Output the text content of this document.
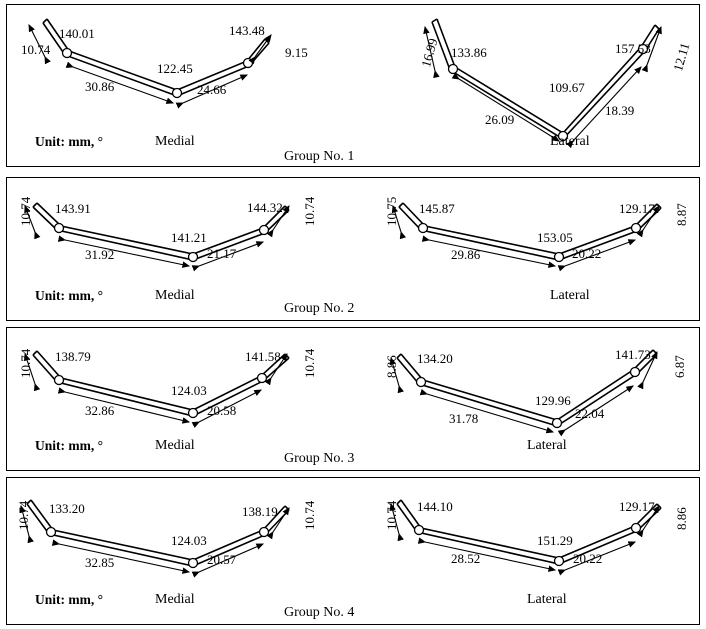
10.74
140.01
30.86
122.45
24.66
143.48
9.15	16.99 133.86
26.09
109.67
18.39
157.53 12.11
Unit: mm, °	Medial	Lateral
Group No. 1
10.74 143.91
31.92
141.21
21.17
144.32 10.74	10.75 145.87
29.86
153.05
20.22
129.17 8.87
Unit: mm, °	Medial	Lateral
Group No. 2
10.74 138.79
32.86
124.03
20.58
141.58 10.74	8.86 134.20
31.78
129.96
22.04
141.73
6.87
Unit: mm, °	Medial	Lateral
Group No. 3
10.74 133.20
32.85
124.03
20.57
138.19 10.74	10.74 144.10
28.52
151.29
20.22
129.17
8.86
Unit: mm, °	Medial	Lateral
Group No. 4
